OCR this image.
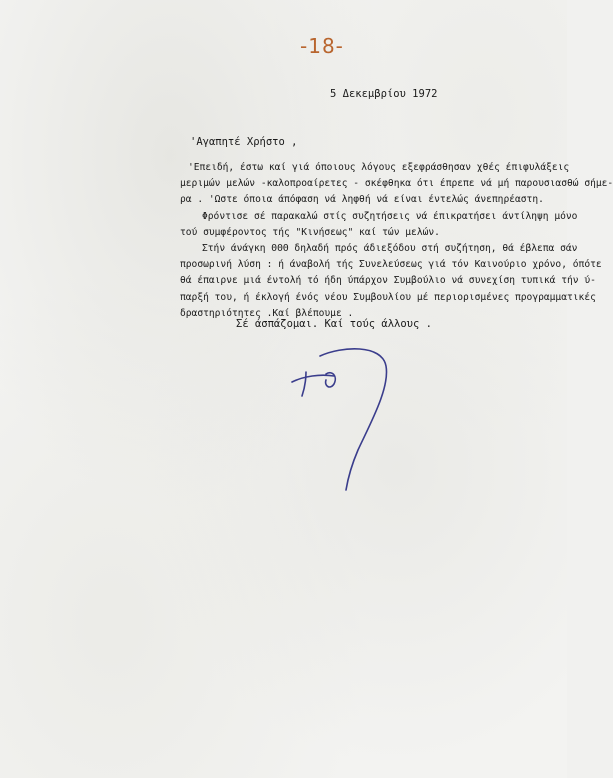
-18-
5 Δεκεμβρίου 1972
'Αγαπητέ Χρήστο ,
'Επειδή, έστω καί γιά όποιους λόγους εξεφράσθησαν χθές έπιφυλάξεις
μεριμών μελών -καλοπροαίρετες - σκέφθηκα ότι έπρεπε νά μή παρουσιασθώ σήμε-
ρα . 'Ωστε όποια άπόφαση νά ληφθή νά είναι έντελώς άνεπηρέαστη.
Φρόντισε σέ παρακαλώ στίς συζητήσεις νά έπικρατήσει άντίληψη μόνο
τού συμφέροντος τής "Κινήσεως" καί τών μελών.
Στήν άνάγκη ΘΘΘ δηλαδή πρός άδιεξόδου στή συζήτηση, θά έβλεπα σάν
προσωρινή λύση : ή άναβολή τής Συνελεύσεως γιά τόν Καινούριο χρόνο, όπότε
θά έπαιρνε μιά έντολή τό ήδη ύπάρχον Συμβούλιο νά συνεχίση τυπικά τήν ύ-
παρξή του, ή έκλογή ένός νέου Συμβουλίου μέ περιορισμένες προγραμματικές
δραστηριότητες .Καί βλέπουμε .
Σέ άσπάζομαι. Καί τούς άλλους .
